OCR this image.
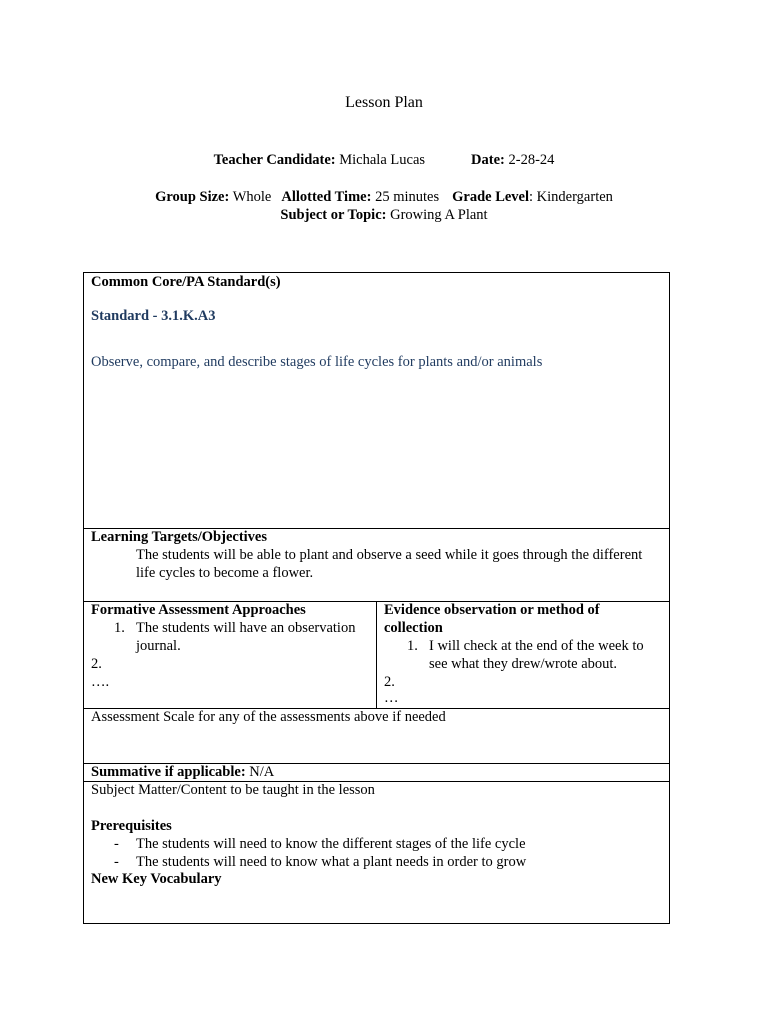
Lesson Plan
Teacher Candidate: Michala Lucas	Date: 2-28-24
Group Size: Whole Allotted Time: 25 minutes Grade Level: Kindergarten
Subject or Topic: Growing A Plant
Common Core/PA Standard(s)
Standard - 3.1.K.A3
Observe, compare, and describe stages of life cycles for plants and/or animals
Learning Targets/Objectives
The students will be able to plant and observe a seed while it goes through the different
life cycles to become a flower.
Formative Assessment Approaches
1. The students will have an observation
journal.
2.
….
Evidence observation or method of
collection
1. I will check at the end of the week to
see what they drew/wrote about.
2.
…
Assessment Scale for any of the assessments above if needed
Summative if applicable: N/A
Subject Matter/Content to be taught in the lesson
Prerequisites
- The students will need to know the different stages of the life cycle
- The students will need to know what a plant needs in order to grow
New Key Vocabulary
